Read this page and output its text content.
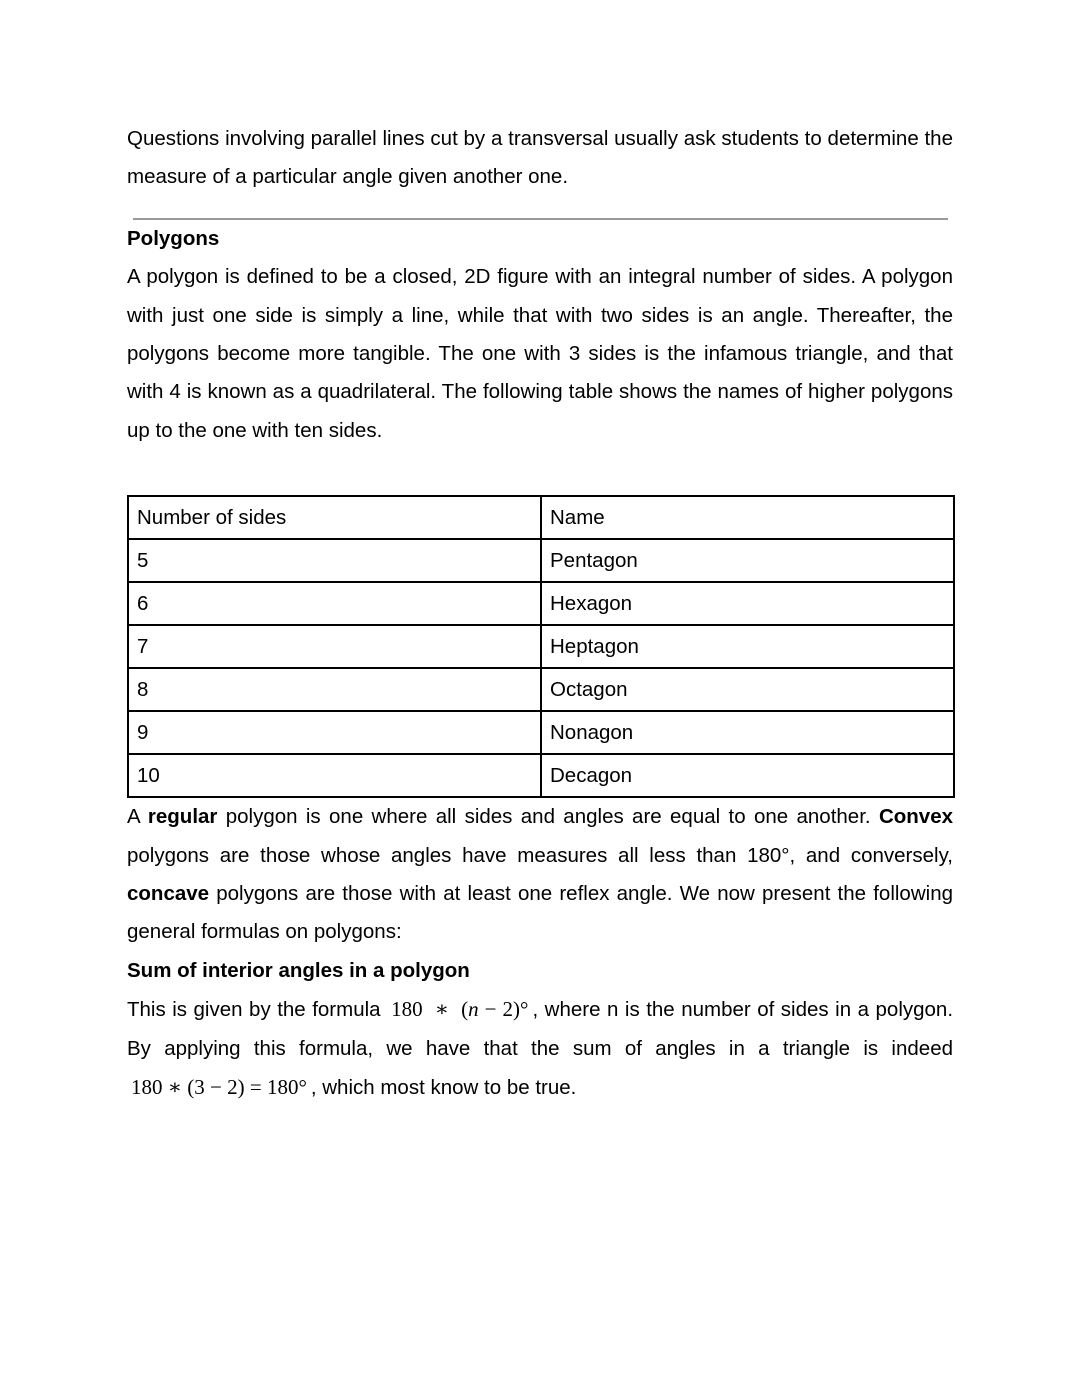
Questions involving parallel lines cut by a transversal usually ask students to determine the measure of a particular angle given another one.

Polygons

A polygon is defined to be a closed, 2D figure with an integral number of sides. A polygon with just one side is simply a line, while that with two sides is an angle. Thereafter, the polygons become more tangible. The one with 3 sides is the infamous triangle, and that with 4 is known as a quadrilateral. The following table shows the names of higher polygons up to the one with ten sides.

Number of sides	Name
5	Pentagon
6	Hexagon
7	Heptagon
8	Octagon
9	Nonagon
10	Decagon

A regular polygon is one where all sides and angles are equal to one another. Convex polygons are those whose angles have measures all less than 180°, and conversely, concave polygons are those with at least one reflex angle. We now present the following general formulas on polygons:

Sum of interior angles in a polygon

This is given by the formula 180 ∗ (n − 2)° , where n is the number of sides in a polygon. By applying this formula, we have that the sum of angles in a triangle is indeed 180 ∗ (3 − 2) = 180° , which most know to be true.
